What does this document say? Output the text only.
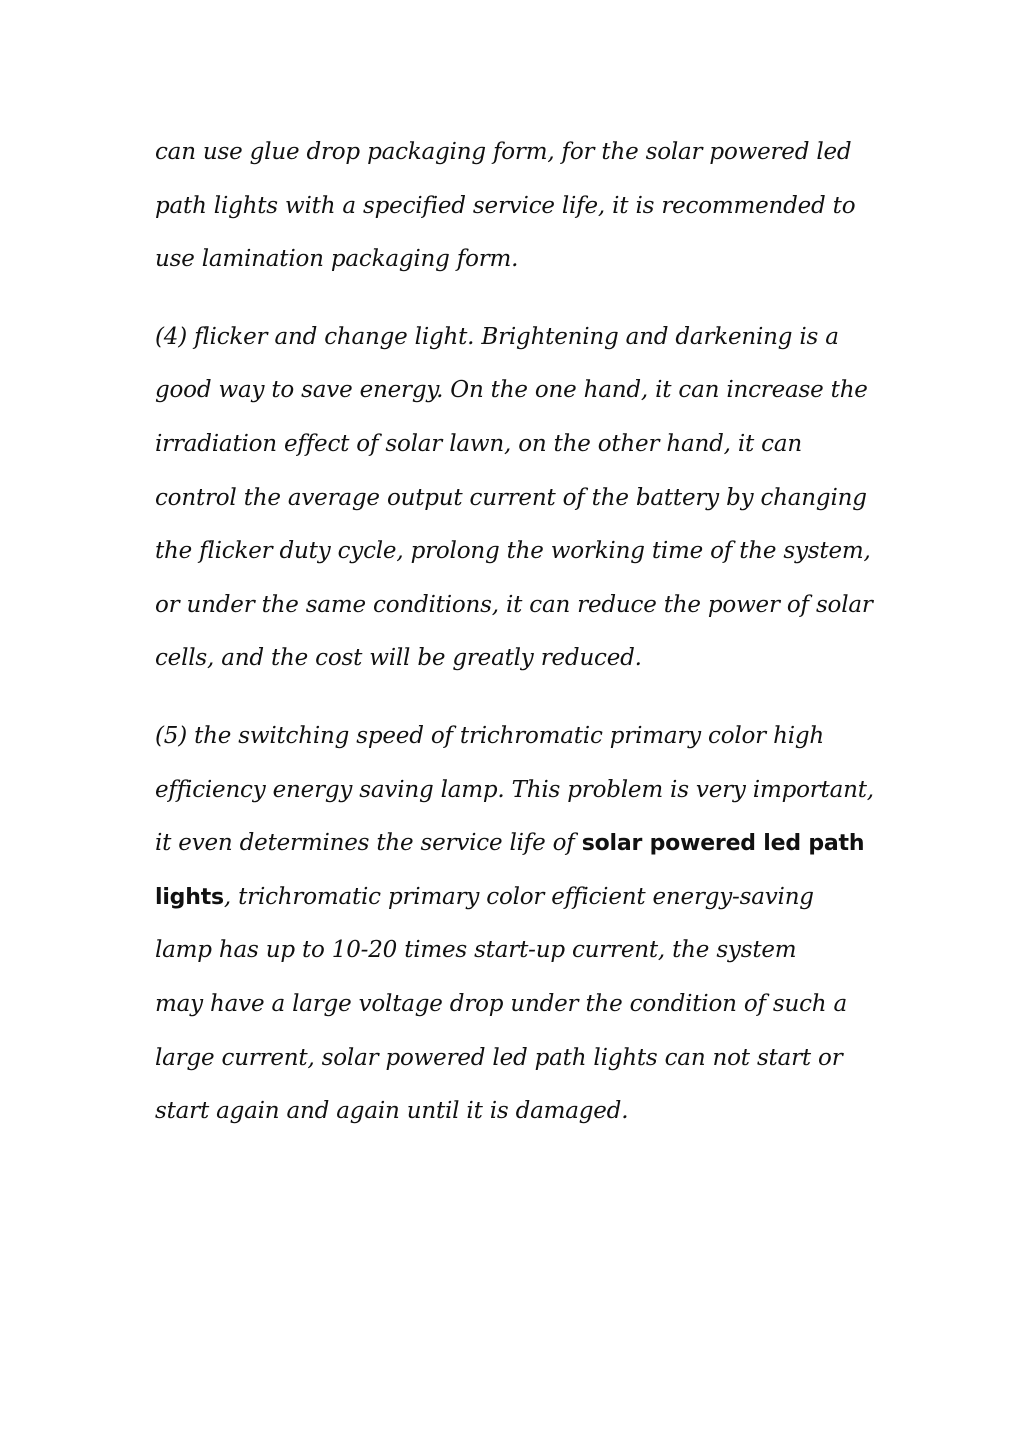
can use glue drop packaging form, for the solar powered led
path lights with a specified service life, it is recommended to
use lamination packaging form.

(4) flicker and change light. Brightening and darkening is a
good way to save energy. On the one hand, it can increase the
irradiation effect of solar lawn, on the other hand, it can
control the average output current of the battery by changing
the flicker duty cycle, prolong the working time of the system,
or under the same conditions, it can reduce the power of solar
cells, and the cost will be greatly reduced.

(5) the switching speed of trichromatic primary color high
efficiency energy saving lamp. This problem is very important,
it even determines the service life of solar powered led path
lights, trichromatic primary color efficient energy-saving
lamp has up to 10-20 times start-up current, the system
may have a large voltage drop under the condition of such a
large current, solar powered led path lights can not start or
start again and again until it is damaged.
